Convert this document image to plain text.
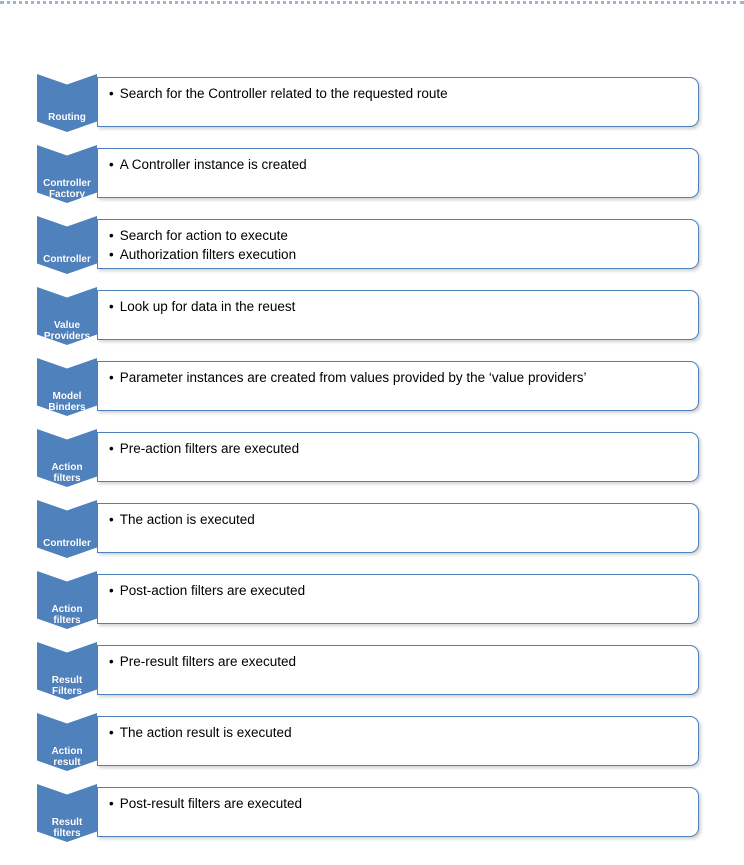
Routing
• Search for the Controller related to the requested route
Controller Factory
• A Controller instance is created
Controller
• Search for action to execute
• Authorization filters execution
Value Providers
• Look up for data in the reuest
Model Binders
• Parameter instances are created from values provided by the ‘value providers’
Action filters
• Pre-action filters are executed
Controller
• The action is executed
Action filters
• Post-action filters are executed
Result Filters
• Pre-result filters are executed
Action result
• The action result is executed
Result filters
• Post-result filters are executed
